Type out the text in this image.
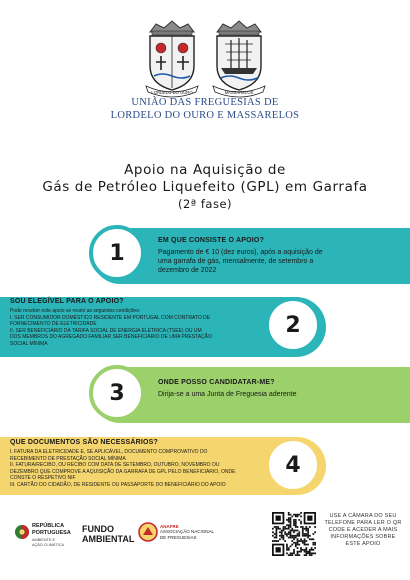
LORDELO DO OURO	MASSARELOS
UNIÃO DAS FREGUESIAS DE
LORDELO DO OURO E MASSARELOS
Apoio na Aquisição de
Gás de Petróleo Liquefeito (GPL) em Garrafa
(2ª fase)
1	EM QUE CONSISTE O APOIO?
Pagamento de € 10 (dez euros), após a aquisição de
uma garrafa de gás, mensalmente, de setembro a
dezembro de 2022
2
SOU ELEGÍVEL PARA O APOIO?
Pode receber este apoio se reunir as seguintes condições:
I. SER CONSUMIDOR DOMÉSTICO RESIDENTE EM PORTUGAL COM CONTRATO DE
FORNECIMENTO DE ELETRICIDADE
II. SER BENEFICIÁRIO DA TARIFA SOCIAL DE ENERGIA ELÉTRICA (TSEE) OU UM
DOS MEMBROS DO AGREGADO FAMILIAR SER BENEFICIÁRIO DE UMA PRESTAÇÃO
SOCIAL MÍNIMA
3	ONDE POSSO CANDIDATAR-ME?
Dirija-se a uma Junta de Freguesia aderente
4
QUE DOCUMENTOS SÃO NECESSÁRIOS?
I. FATURA DA ELETRICIDADE E, SE APLICÁVEL, DOCUMENTO COMPROVATIVO DO
RECEBIMENTO DE PRESTAÇÃO SOCIAL MÍNIMA
II. FATURA/RECIBO, OU RECIBO COM DATA DE SETEMBRO, OUTUBRO, NOVEMBRO OU
DEZEMBRO QUE COMPROVE A AQUISIÇÃO DA GARRAFA DE GPL PELO BENEFICIÁRIO, ONDE
CONSTE O RESPETIVO NIF
III. CARTÃO DO CIDADÃO, DE RESIDENTE OU PASSAPORTE DO BENEFICIÁRIO DO APOIO
REPÚBLICA
PORTUGUESA
AMBIENTE E
AÇÃO CLIMÁTICA
FUNDO
AMBIENTAL
ANAFRE
ASSOCIAÇÃO NACIONAL
DE FREGUESIAS
USE A CÂMARA DO SEU
TELEFONE PARA LER O QR
CODE E ACEDER A MAIS
INFORMAÇÕES SOBRE
ESTE APOIO
